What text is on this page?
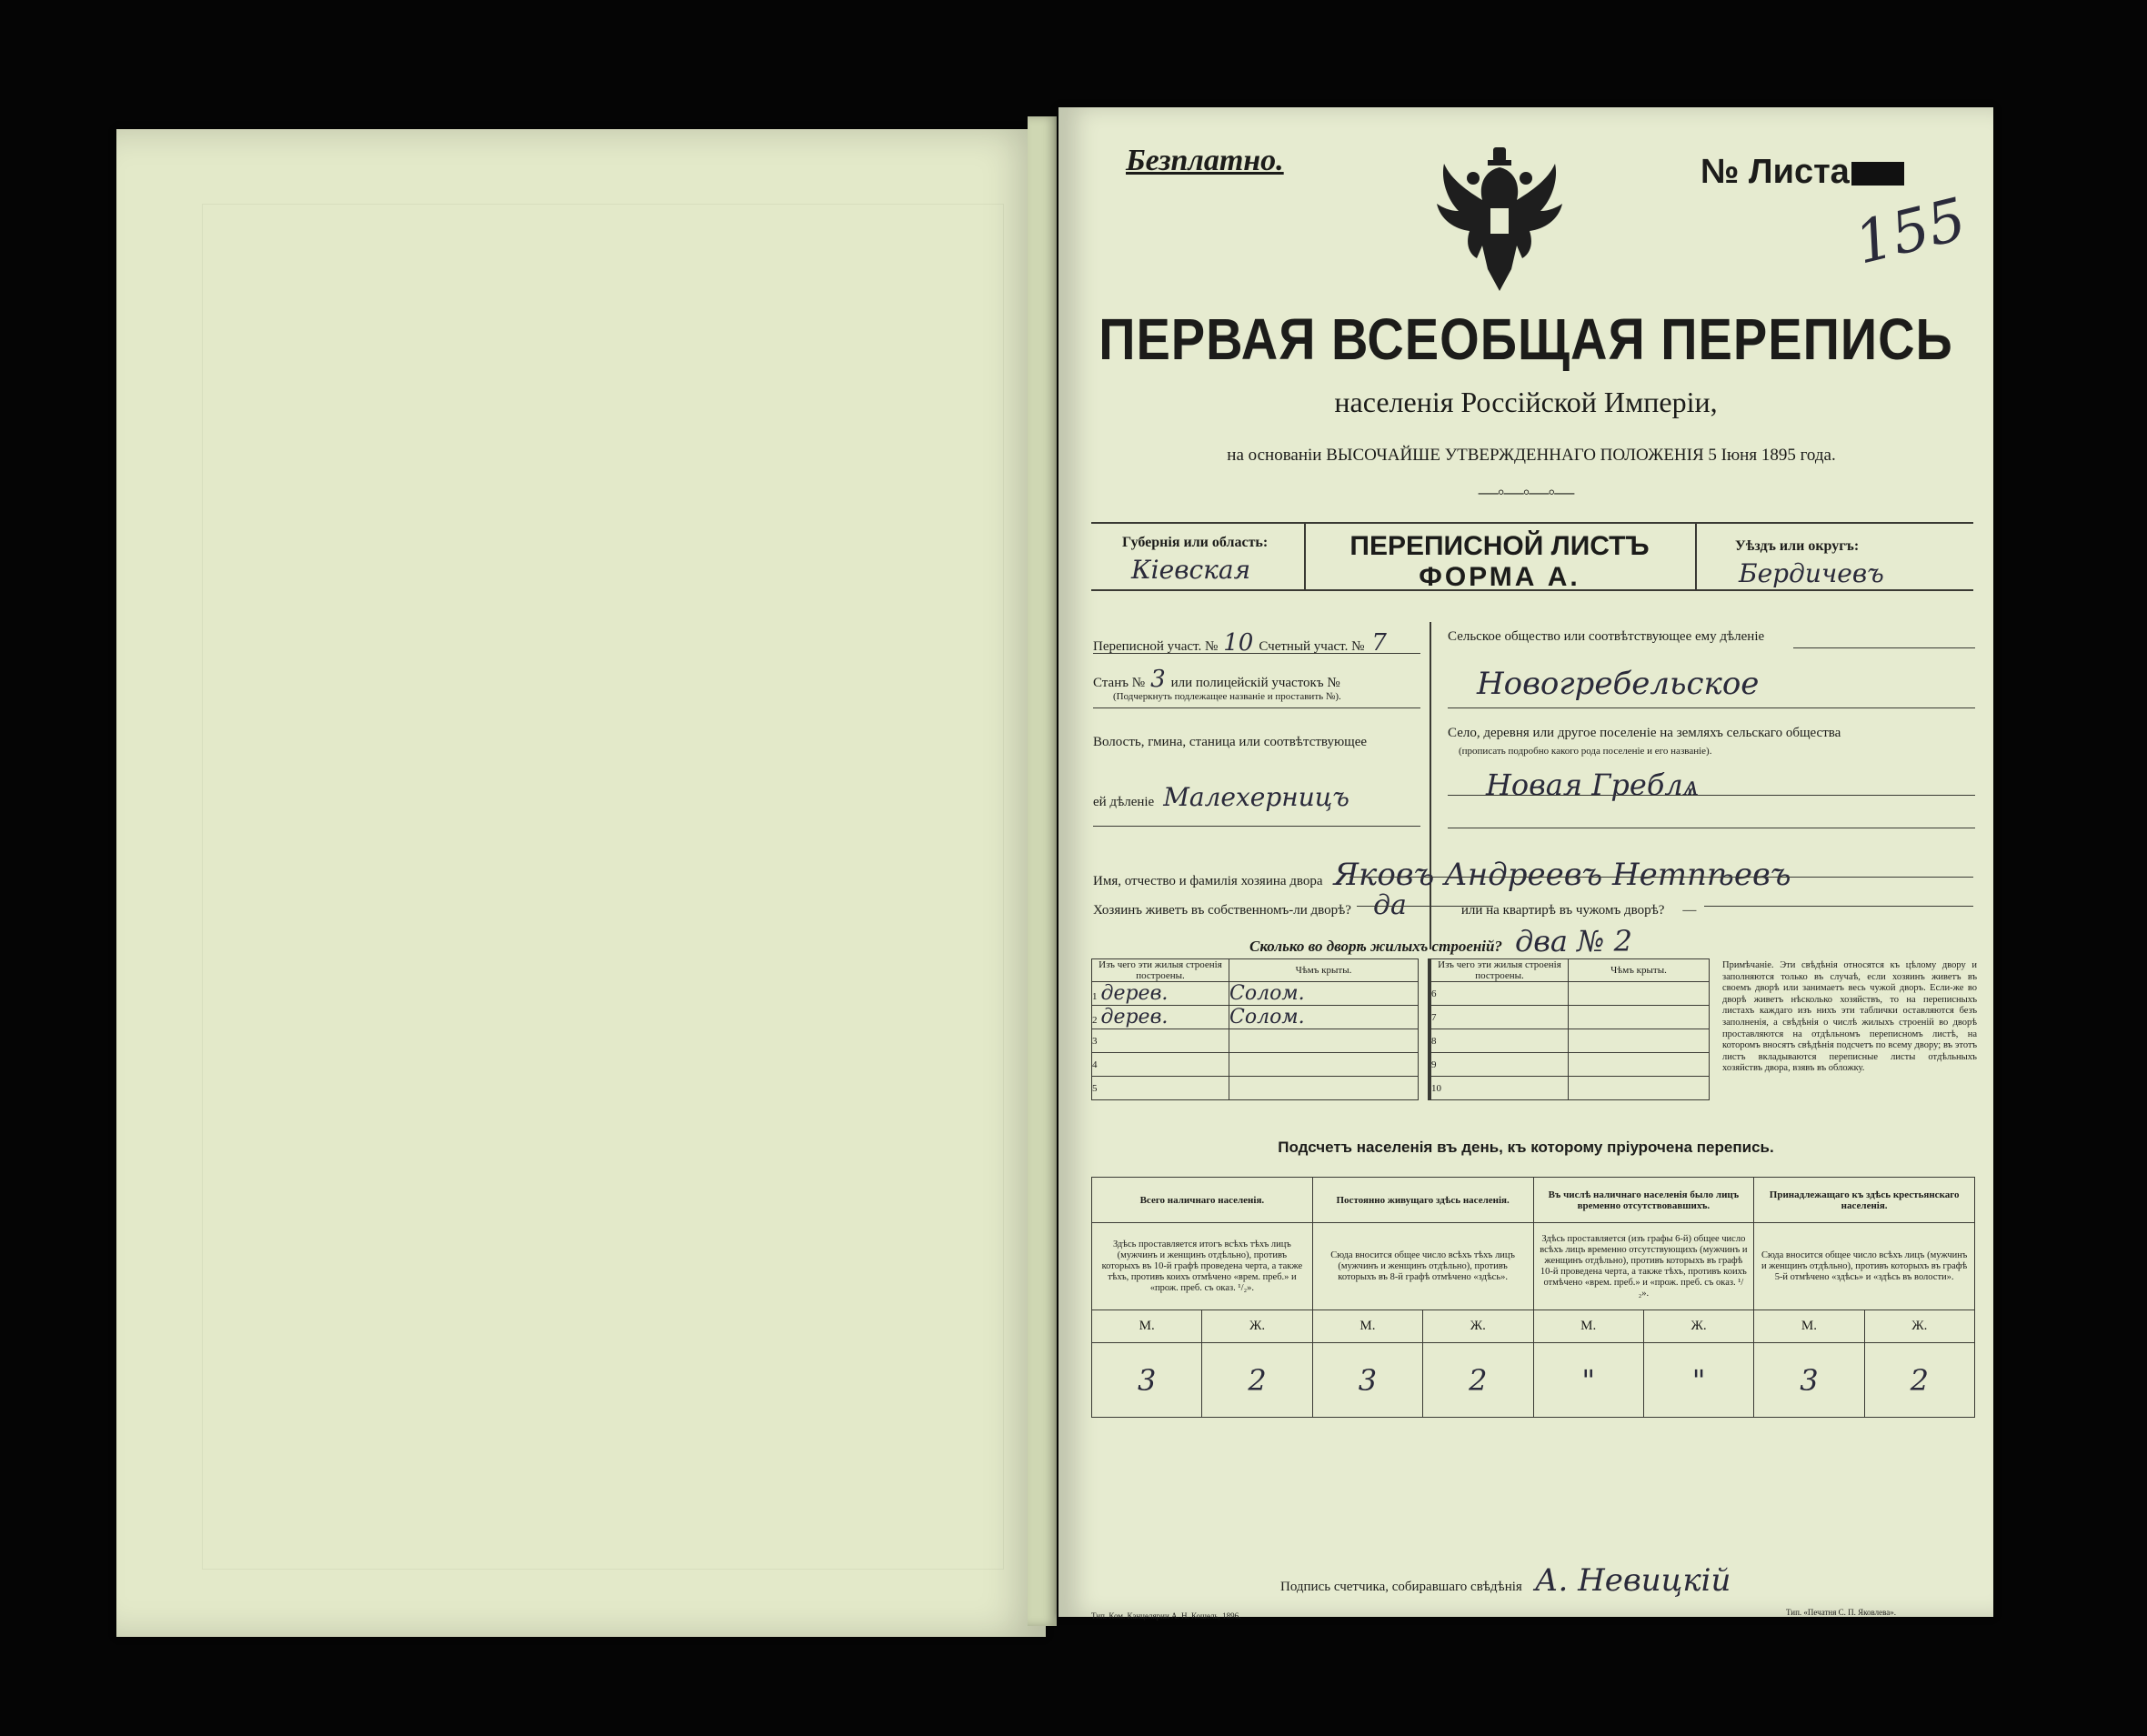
Безплатно.	№ Листа
155
ПЕРВАЯ ВСЕОБЩАЯ ПЕРЕПИСЬ
населенія Россійской Имперіи,
на основаніи ВЫСОЧАЙШЕ УТВЕРЖДЕННАГО ПОЛОЖЕНІЯ 5 Іюня 1895 года.
—◦—◦—◦—
Губернія или область:
Кіевская
ПЕРЕПИСНОЙ ЛИСТЪ
ФОРМА А.
Уѣздъ или округъ:
Бердичевъ
Переписной участ. № 10 Счетный участ. № 7
Станъ № 3 или полицейскій участокъ №
(Подчеркнуть подлежащее названіе и проставить №).
Волость, гмина, станица или соотвѣтствующее
ей дѣленіе Малехерницъ
Сельское общество или соотвѣтствующее ему дѣленіе
Новогребельское
Село, деревня или другое поселеніе на земляхъ сельскаго общества
(прописать подробно какого рода поселеніе и его названіе).
Новая Греблѧ
Имя, отчество и фамилія хозяина двора Яковъ Андреевъ Нетпѣевъ
Хозяинъ живетъ въ собственномъ-ли дворѣ? да	или на квартирѣ въ чужомъ дворѣ? —
Сколько во дворѣ жилыхъ строеній? два № 2
Изъ чего эти жилыя строенія построены.	Чѣмъ крыты.
1 дерев.	Солом.
2 дерев.	Солом.
3	
4	
5	
Изъ чего эти жилыя строенія построены.	Чѣмъ крыты.
6	
7	
8	
9	
10	
Примѣчаніе. Эти свѣдѣнія относятся къ цѣлому двору и заполняются только въ случаѣ, если хозяинъ живетъ въ своемъ дворѣ или занимаетъ весь чужой дворъ. Если-же во дворѣ живетъ нѣсколько хозяйствъ, то на переписныхъ листахъ каждаго изъ нихъ эти таблички оставляются безъ заполненія, а свѣдѣнія о числѣ жилыхъ строеній во дворѣ проставляются на отдѣльномъ переписномъ листѣ, на которомъ вносятъ свѣдѣнія подсчетъ по всему двору; въ этотъ листъ вкладываются переписные листы отдѣльныхъ хозяйствъ двора, взявъ въ обложку.
Подсчетъ населенія въ день, къ которому пріурочена перепись.
Всего наличнаго населенія.		Постоянно живущаго здѣсь населенія.		Въ числѣ наличнаго населенія было лицъ временно отсутствовавшихъ.		Принадлежащаго къ здѣсь крестьянскаго населенія.	
Здѣсь проставляется итогъ всѣхъ тѣхъ лицъ (мужчинъ и женщинъ отдѣльно), противъ которыхъ въ 10-й графѣ проведена черта, а также тѣхъ, противъ коихъ отмѣчено «врем. преб.» и «прож. преб. съ оказ. ¹/₂».		Сюда вносится общее число всѣхъ тѣхъ лицъ (мужчинъ и женщинъ отдѣльно), противъ которыхъ въ 8-й графѣ отмѣчено «здѣсь».		Здѣсь проставляется (изъ графы 6-й) общее число всѣхъ лицъ временно отсутствующихъ (мужчинъ и женщинъ отдѣльно), противъ которыхъ въ графѣ 10-й проведена черта, а также тѣхъ, противъ коихъ отмѣчено «врем. преб.» и «прож. преб. съ оказ. ¹/₂».		Сюда вносится общее число всѣхъ лицъ (мужчинъ и женщинъ отдѣльно), противъ которыхъ въ графѣ 5-й отмѣчено «здѣсь» и «здѣсь въ волости».	
М.	Ж.	М.	Ж.	М.	Ж.	М.	Ж.
3	2	3	2	"	"	3	2
Подпись счетчика, собиравшаго свѣдѣнія А. Невицкій
Тип. Ком. Канцелярии А. Н. Кошель, 1896.	Тип. «Печатня С. П. Яковлева».
